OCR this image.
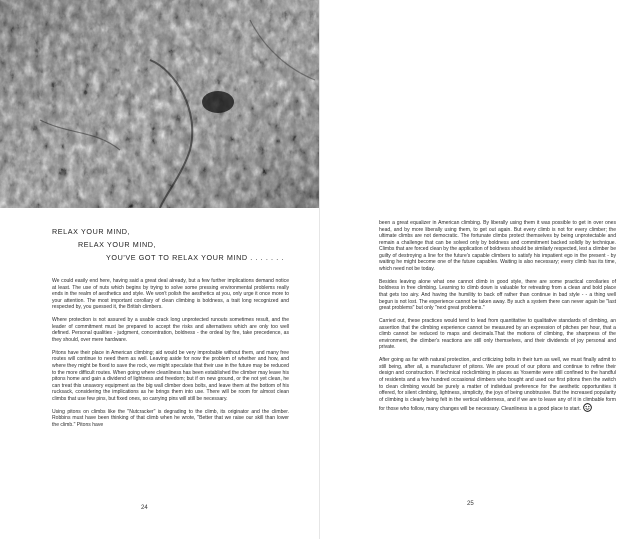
RELAX YOUR MIND,
RELAX YOUR MIND,
YOU'VE GOT TO RELAX YOUR MIND . . . . . . .

We could easily end here, having said a great deal already, but a few further implications demand notice at least. The use of nuts which begins by trying to solve some pressing environmental problems really ends in the realm of aesthetics and style. We won't polish the aesthetics at you, only urge it once more to your attention. The most important corollary of clean climbing is boldness, a trait long recognized and respected by, you guessed it, the British climbers.

Where protection is not assured by a usable crack long unprotected runouts sometimes result, and the leader of commitment must be prepared to accept the risks and alternatives which are only too well defined. Personal qualities - judgment, concentration, boldness - the ordeal by fire, take precedence, as they should, over mere hardware.

Pitons have their place in American climbing; aid would be very improbable without them, and many free routes will continue to need them as well. Leaving aside for now the problem of whether and how, and where they might be fixed to save the rock, we might speculate that their use in the future may be reduced to the more difficult routes. When going where cleanliness has been established the climber may leave his pitons home and gain a dividend of lightness and freedom; but if on new ground, or the not yet clean, he can treat this unsavory equipment as the big wall climber does bolts, and leave them at the bottom of his rucksack, considering the implications as he brings them into use. There will be room for almost clean climbs that use few pins, but fixed ones, so carrying pins will still be necessary.

Using pitons on climbs like the "Nutcracker" is degrading to the climb, its originator and the climber. Robbins must have been thinking of that climb when he wrote, "Better that we raise our skill than lower the climb." Pitons have

been a great equalizer in American climbing. By liberally using them it was possible to get in over ones head, and by more liberally using them, to get out again. But every climb is not for every climber; the ultimate climbs are not democratic. The fortunate climbs protect themselves by being unprotectable and remain a challenge that can be solved only by boldness and commitment backed solidly by technique. Climbs that are forced clean by the application of boldness should be similarly respected, lest a climber be guilty of destroying a line for the future's capable climbers to satisfy his impatient ego in the present - by waiting he might become one of the future capables. Waiting is also necessary; every climb has its time, which need not be today.

Besides leaving alone what one cannot climb in good style, there are some practical corollaries of boldness in free climbing. Learning to climb down is valuable for retreating from a clean and bold place that gets too airy. And having the humility to back off rather than continue in bad style - - a thing well begun is not lost. The experience cannot be taken away. By such a system there can never again be "last great problems" but only "next great problems."

Carried out, these practices would tend to lead from quantitative to qualitative standards of climbing, an assertion that the climbing experience cannot be measured by an expression of pitches per hour, that a climb cannot be reduced to maps and decimals.That the motions of climbing, the sharpness of the environment, the climber's reactions are still only themselves, and their dividends of joy personal and private.

After going as far with natural protection, and criticizing bolts in their turn as well, we must finally admit to still being, after all, a manufacturer of pitons. We are proud of our pitons and continue to refine their design and construction. If technical rockclimbing in places as Yosemite were still confined to the handful of residents and a few hundred occasional climbers who bought and used our first pitons then the switch to clean climbing would be purely a matter of individual preference for the aesthetic opportunities it offered, for silent climbing, lightness, simplicity, the joys of being unobtrusive. But the increased popularity of climbing is clearly being felt in the vertical wilderness, and if we are to leave any of it in climbable form for those who follow, many changes will be necessary. Cleanliness is a good place to start.

24
25
